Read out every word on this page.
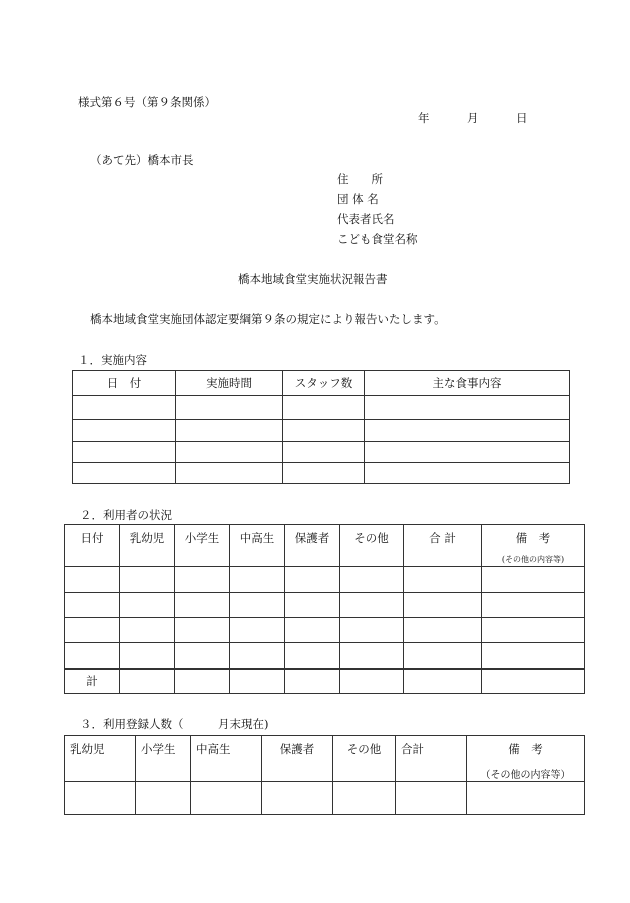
様式第６号（第９条関係）
年	月	日
（あて先）橋本市長
住　　所
団 体 名
代表者氏名
こども食堂名称
橋本地域食堂実施状況報告書
橋本地域食堂実施団体認定要綱第９条の規定により報告いたします。
１．実施内容
日　付	実施時間	スタッフ数	主な食事内容

２．利用者の状況
日付	乳幼児	小学生	中高生	保護者	その他	合 計	備　考
(その他の内容等)

計							
３．利用登録人数（　　　月末現在)
乳幼児	小学生	中高生	保護者	その他	合計	備　考
（その他の内容等）
